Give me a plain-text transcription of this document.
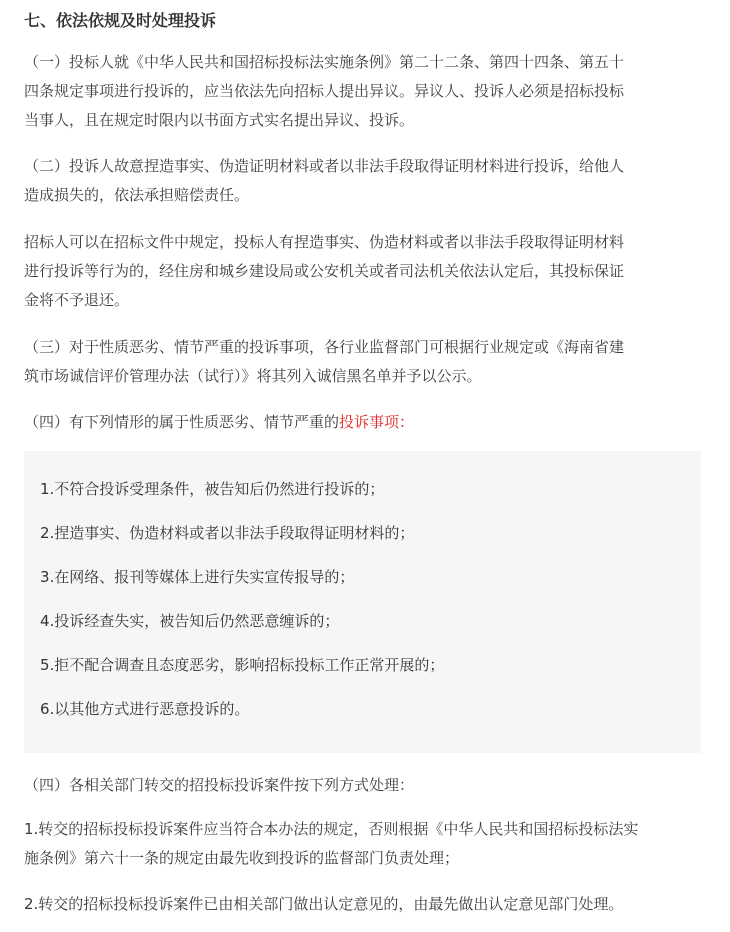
七、依法依规及时处理投诉
（一）投标人就《中华人民共和国招标投标法实施条例》第二十二条、第四十四条、第五十
四条规定事项进行投诉的，应当依法先向招标人提出异议。异议人、投诉人必须是招标投标
当事人，且在规定时限内以书面方式实名提出异议、投诉。
（二）投诉人故意捏造事实、伪造证明材料或者以非法手段取得证明材料进行投诉，给他人
造成损失的，依法承担赔偿责任。
招标人可以在招标文件中规定，投标人有捏造事实、伪造材料或者以非法手段取得证明材料
进行投诉等行为的，经住房和城乡建设局或公安机关或者司法机关依法认定后，其投标保证
金将不予退还。
（三）对于性质恶劣、情节严重的投诉事项，各行业监督部门可根据行业规定或《海南省建
筑市场诚信评价管理办法（试行）》将其列入诚信黑名单并予以公示。
（四）有下列情形的属于性质恶劣、情节严重的投诉事项：
1.不符合投诉受理条件，被告知后仍然进行投诉的；
2.捏造事实、伪造材料或者以非法手段取得证明材料的；
3.在网络、报刊等媒体上进行失实宣传报导的；
4.投诉经查失实，被告知后仍然恶意缠诉的；
5.拒不配合调查且态度恶劣，影响招标投标工作正常开展的；
6.以其他方式进行恶意投诉的。
（四）各相关部门转交的招投标投诉案件按下列方式处理：
1.转交的招标投标投诉案件应当符合本办法的规定，否则根据《中华人民共和国招标投标法实
施条例》第六十一条的规定由最先收到投诉的监督部门负责处理；
2.转交的招标投标投诉案件已由相关部门做出认定意见的，由最先做出认定意见部门处理。
